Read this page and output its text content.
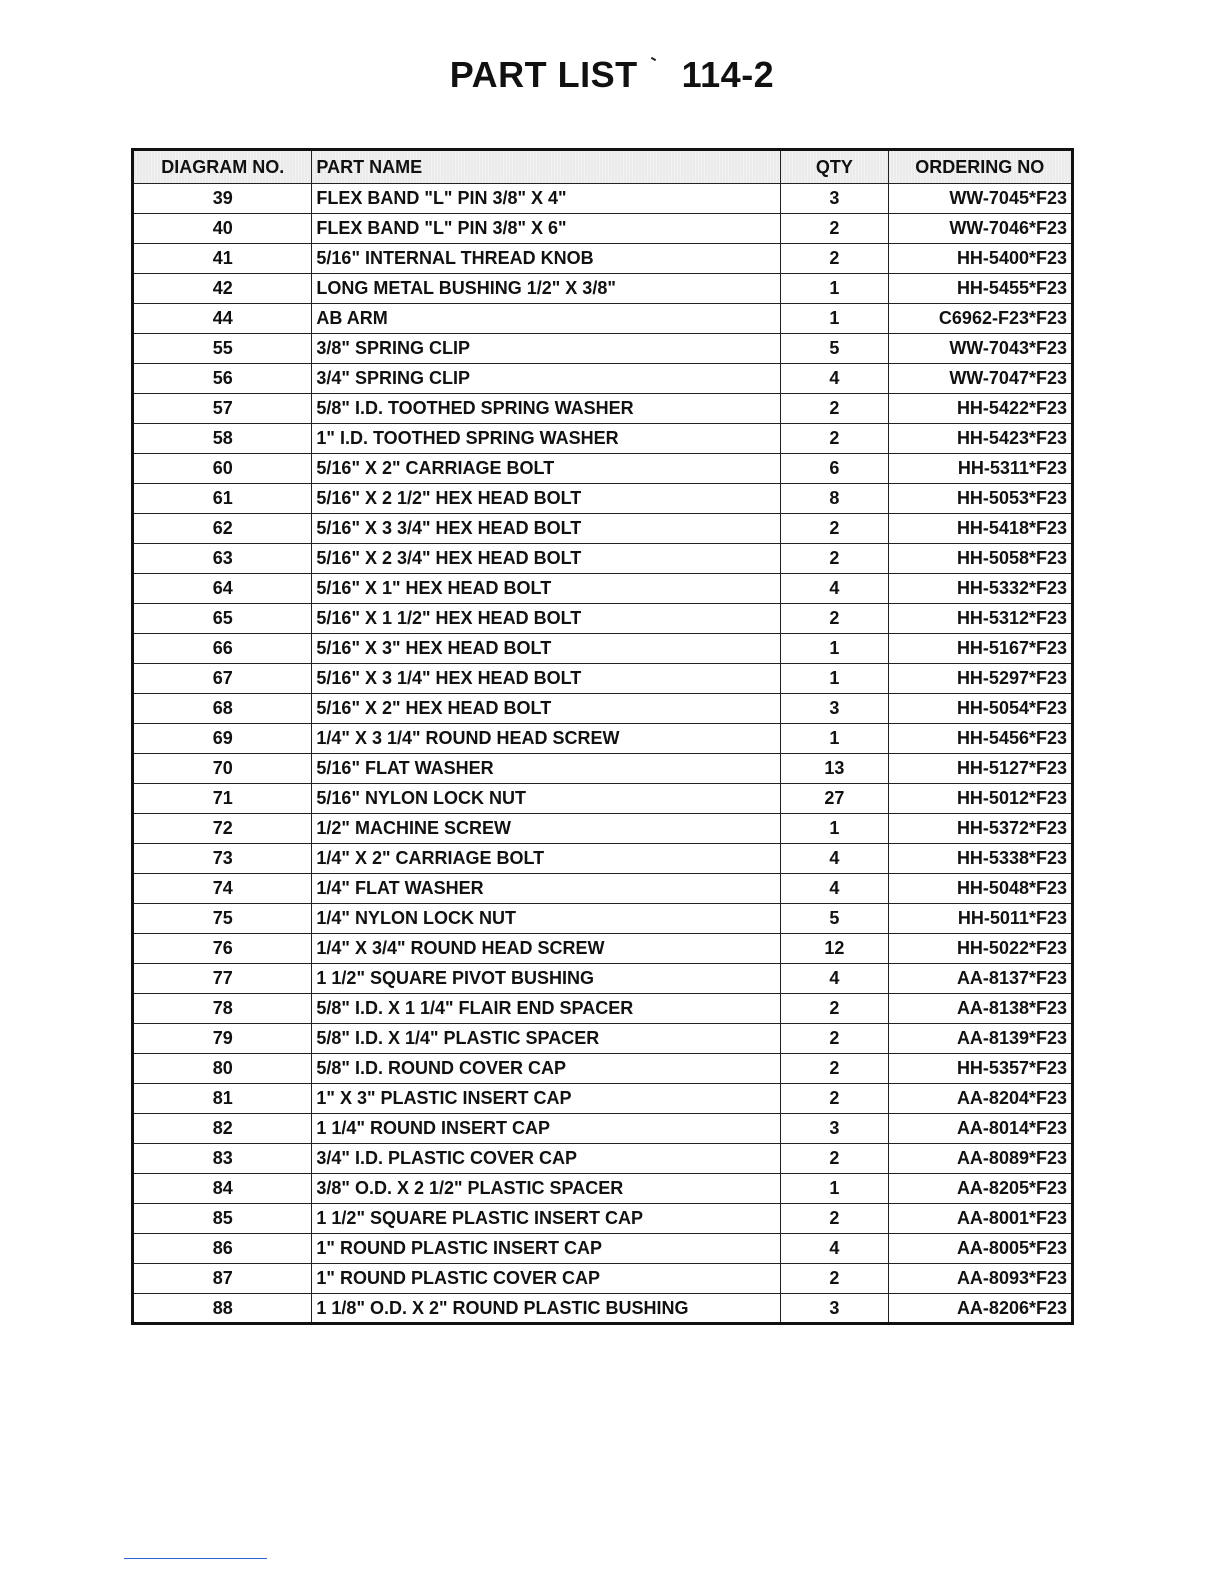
PART LIST 114-2
DIAGRAM NO.	PART NAME	QTY	ORDERING NO
39	FLEX BAND "L" PIN 3/8" X 4"	3	WW-7045*F23
40	FLEX BAND "L" PIN 3/8" X 6"	2	WW-7046*F23
41	5/16" INTERNAL THREAD KNOB	2	HH-5400*F23
42	LONG METAL BUSHING 1/2" X 3/8"	1	HH-5455*F23
44	AB ARM	1	C6962-F23*F23
55	3/8" SPRING CLIP	5	WW-7043*F23
56	3/4" SPRING CLIP	4	WW-7047*F23
57	5/8" I.D. TOOTHED SPRING WASHER	2	HH-5422*F23
58	1" I.D. TOOTHED SPRING WASHER	2	HH-5423*F23
60	5/16" X 2" CARRIAGE BOLT	6	HH-5311*F23
61	5/16" X 2 1/2" HEX HEAD BOLT	8	HH-5053*F23
62	5/16" X 3 3/4" HEX HEAD BOLT	2	HH-5418*F23
63	5/16" X 2 3/4" HEX HEAD BOLT	2	HH-5058*F23
64	5/16" X 1" HEX HEAD BOLT	4	HH-5332*F23
65	5/16" X 1 1/2" HEX HEAD BOLT	2	HH-5312*F23
66	5/16" X 3" HEX HEAD BOLT	1	HH-5167*F23
67	5/16" X 3 1/4" HEX HEAD BOLT	1	HH-5297*F23
68	5/16" X 2" HEX HEAD BOLT	3	HH-5054*F23
69	1/4" X 3 1/4" ROUND HEAD SCREW	1	HH-5456*F23
70	5/16" FLAT WASHER	13	HH-5127*F23
71	5/16" NYLON LOCK NUT	27	HH-5012*F23
72	1/2" MACHINE SCREW	1	HH-5372*F23
73	1/4" X 2" CARRIAGE BOLT	4	HH-5338*F23
74	1/4" FLAT WASHER	4	HH-5048*F23
75	1/4" NYLON LOCK NUT	5	HH-5011*F23
76	1/4" X 3/4" ROUND HEAD SCREW	12	HH-5022*F23
77	1 1/2" SQUARE PIVOT BUSHING	4	AA-8137*F23
78	5/8" I.D. X 1 1/4" FLAIR END SPACER	2	AA-8138*F23
79	5/8" I.D. X 1/4" PLASTIC SPACER	2	AA-8139*F23
80	5/8" I.D. ROUND COVER CAP	2	HH-5357*F23
81	1" X 3" PLASTIC INSERT CAP	2	AA-8204*F23
82	1 1/4" ROUND INSERT CAP	3	AA-8014*F23
83	3/4" I.D. PLASTIC COVER CAP	2	AA-8089*F23
84	3/8" O.D. X 2 1/2" PLASTIC SPACER	1	AA-8205*F23
85	1 1/2" SQUARE PLASTIC INSERT CAP	2	AA-8001*F23
86	1" ROUND PLASTIC INSERT CAP	4	AA-8005*F23
87	1" ROUND PLASTIC COVER CAP	2	AA-8093*F23
88	1 1/8" O.D. X 2" ROUND PLASTIC BUSHING	3	AA-8206*F23
